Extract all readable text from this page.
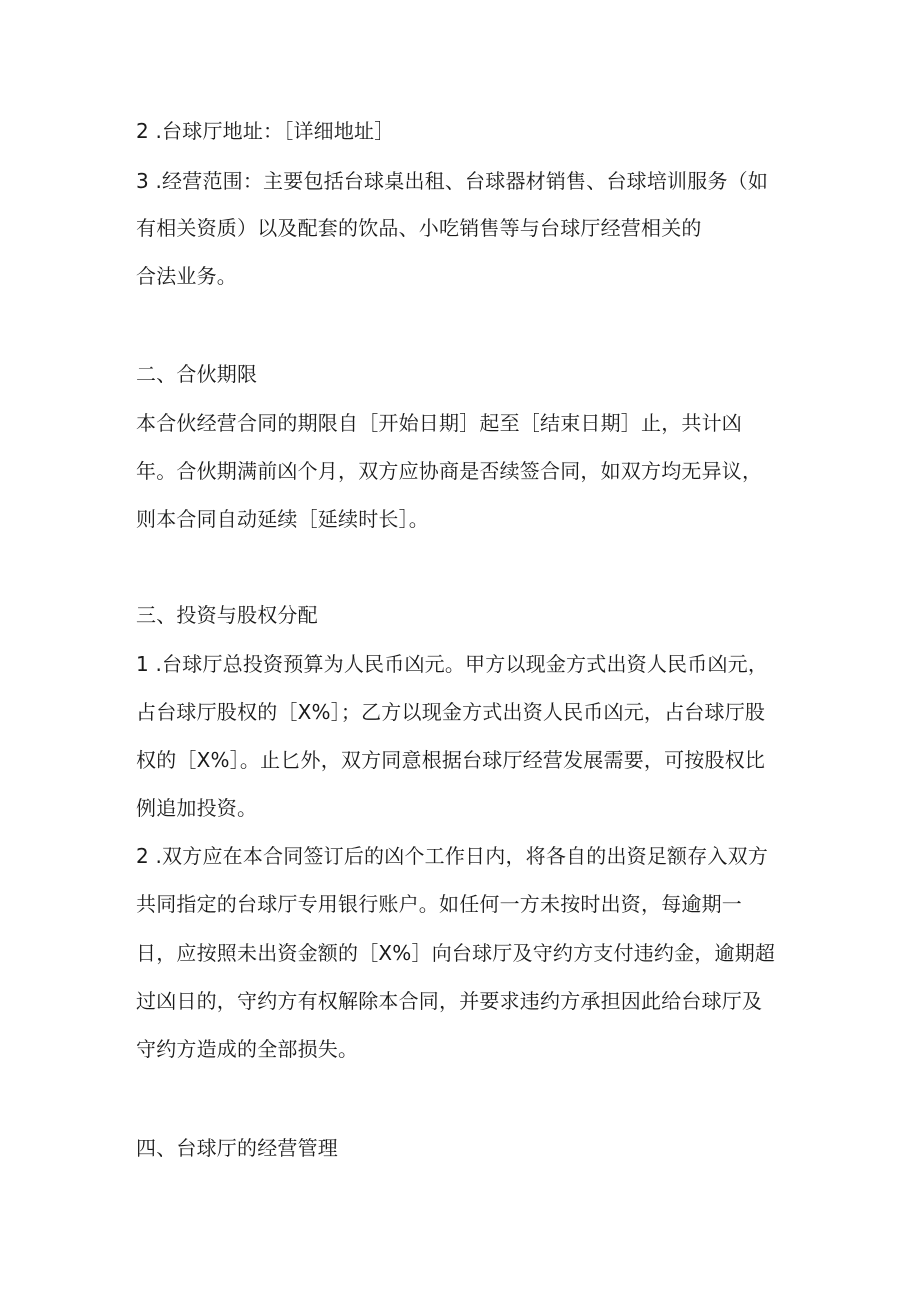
2 .台球厅地址：［详细地址］
3 .经营范围：主要包括台球桌出租、台球器材销售、台球培训服务（如
有相关资质）以及配套的饮品、小吃销售等与台球厅经营相关的
合法业务。
二、合伙期限
本合伙经营合同的期限自［开始日期］起至［结束日期］止，共计凶
年。合伙期满前凶个月，双方应协商是否续签合同，如双方均无异议，
则本合同自动延续［延续时长］。
三、投资与股权分配
1 .台球厅总投资预算为人民币凶元。甲方以现金方式出资人民币凶元，
占台球厅股权的［X%］；乙方以现金方式出资人民币凶元，占台球厅股
权的［X%］。止匕外，双方同意根据台球厅经营发展需要，可按股权比
例追加投资。
2 .双方应在本合同签订后的凶个工作日内，将各自的出资足额存入双方
共同指定的台球厅专用银行账户。如任何一方未按时出资，每逾期一
日，应按照未出资金额的［X%］向台球厅及守约方支付违约金，逾期超
过凶日的，守约方有权解除本合同，并要求违约方承担因此给台球厅及
守约方造成的全部损失。
四、台球厅的经营管理
